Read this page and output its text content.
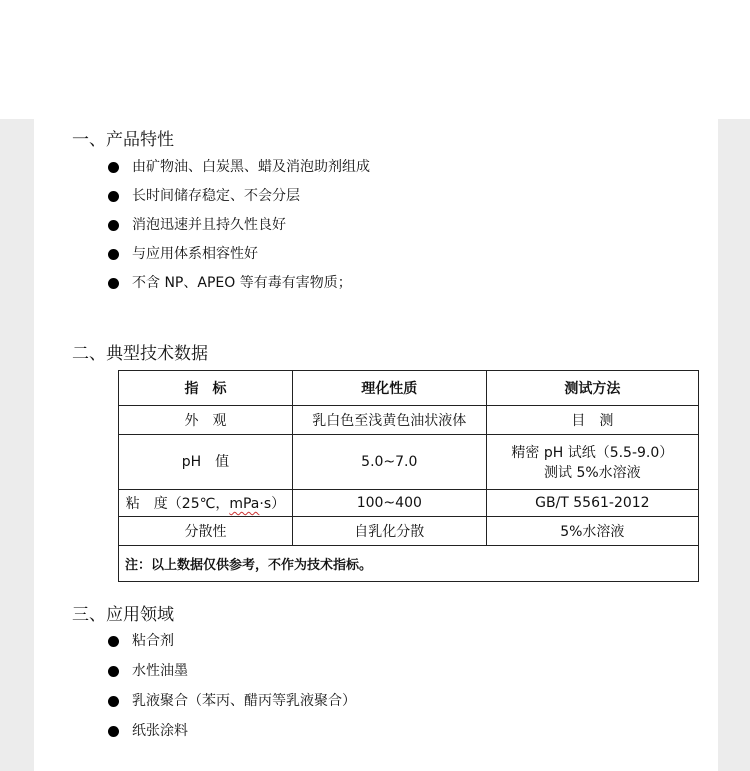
一、产品特性
由矿物油、白炭黑、蜡及消泡助剂组成
长时间储存稳定、不会分层
消泡迅速并且持久性良好
与应用体系相容性好
不含 NP、APEO 等有毒有害物质；
二、典型技术数据
指　标	理化性质	测试方法
外　观	乳白色至浅黄色油状液体	目　测
pH　值	5.0~7.0	精密 pH 试纸（5.5-9.0）
测试 5%水溶液

粘　度（25℃，mPa·s）	100~400	GB/T 5561-2012
分散性	自乳化分散	5%水溶液
注：以上数据仅供参考，不作为技术指标。		
三、应用领域
粘合剂
水性油墨
乳液聚合（苯丙、醋丙等乳液聚合）
纸张涂料
